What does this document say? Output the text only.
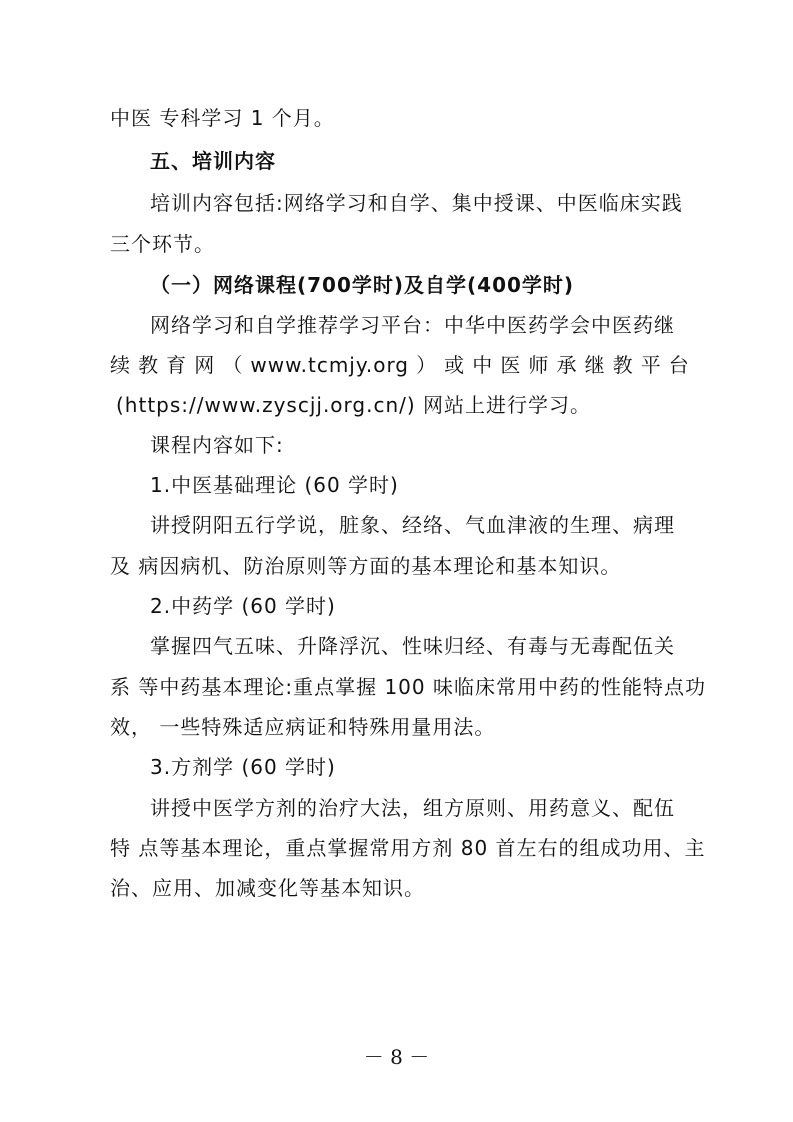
中医 专科学习 1 个月。
五、培训内容
培训内容包括:网络学习和自学、集中授课、中医临床实践
三个环节。
（一）网络课程(700学时)及自学(400学时)
网络学习和自学推荐学习平台：中华中医药学会中医药继
续 教 育 网 （ www.tcmjy.org ） 或 中 医 师 承 继 教 平 台
(https://www.zyscjj.org.cn/) 网站上进行学习。
课程内容如下:
1.中医基础理论 (60 学时)
讲授阴阳五行学说，脏象、经络、气血津液的生理、病理
及 病因病机、防治原则等方面的基本理论和基本知识。
2.中药学 (60 学时)
掌握四气五味、升降浮沉、性味归经、有毒与无毒配伍关
系 等中药基本理论:重点掌握 100 味临床常用中药的性能特点功
效， 一些特殊适应病证和特殊用量用法。
3.方剂学 (60 学时)
讲授中医学方剂的治疗大法，组方原则、用药意义、配伍
特 点等基本理论，重点掌握常用方剂 80 首左右的组成功用、主
治、应用、加减变化等基本知识。
－ 8 －
